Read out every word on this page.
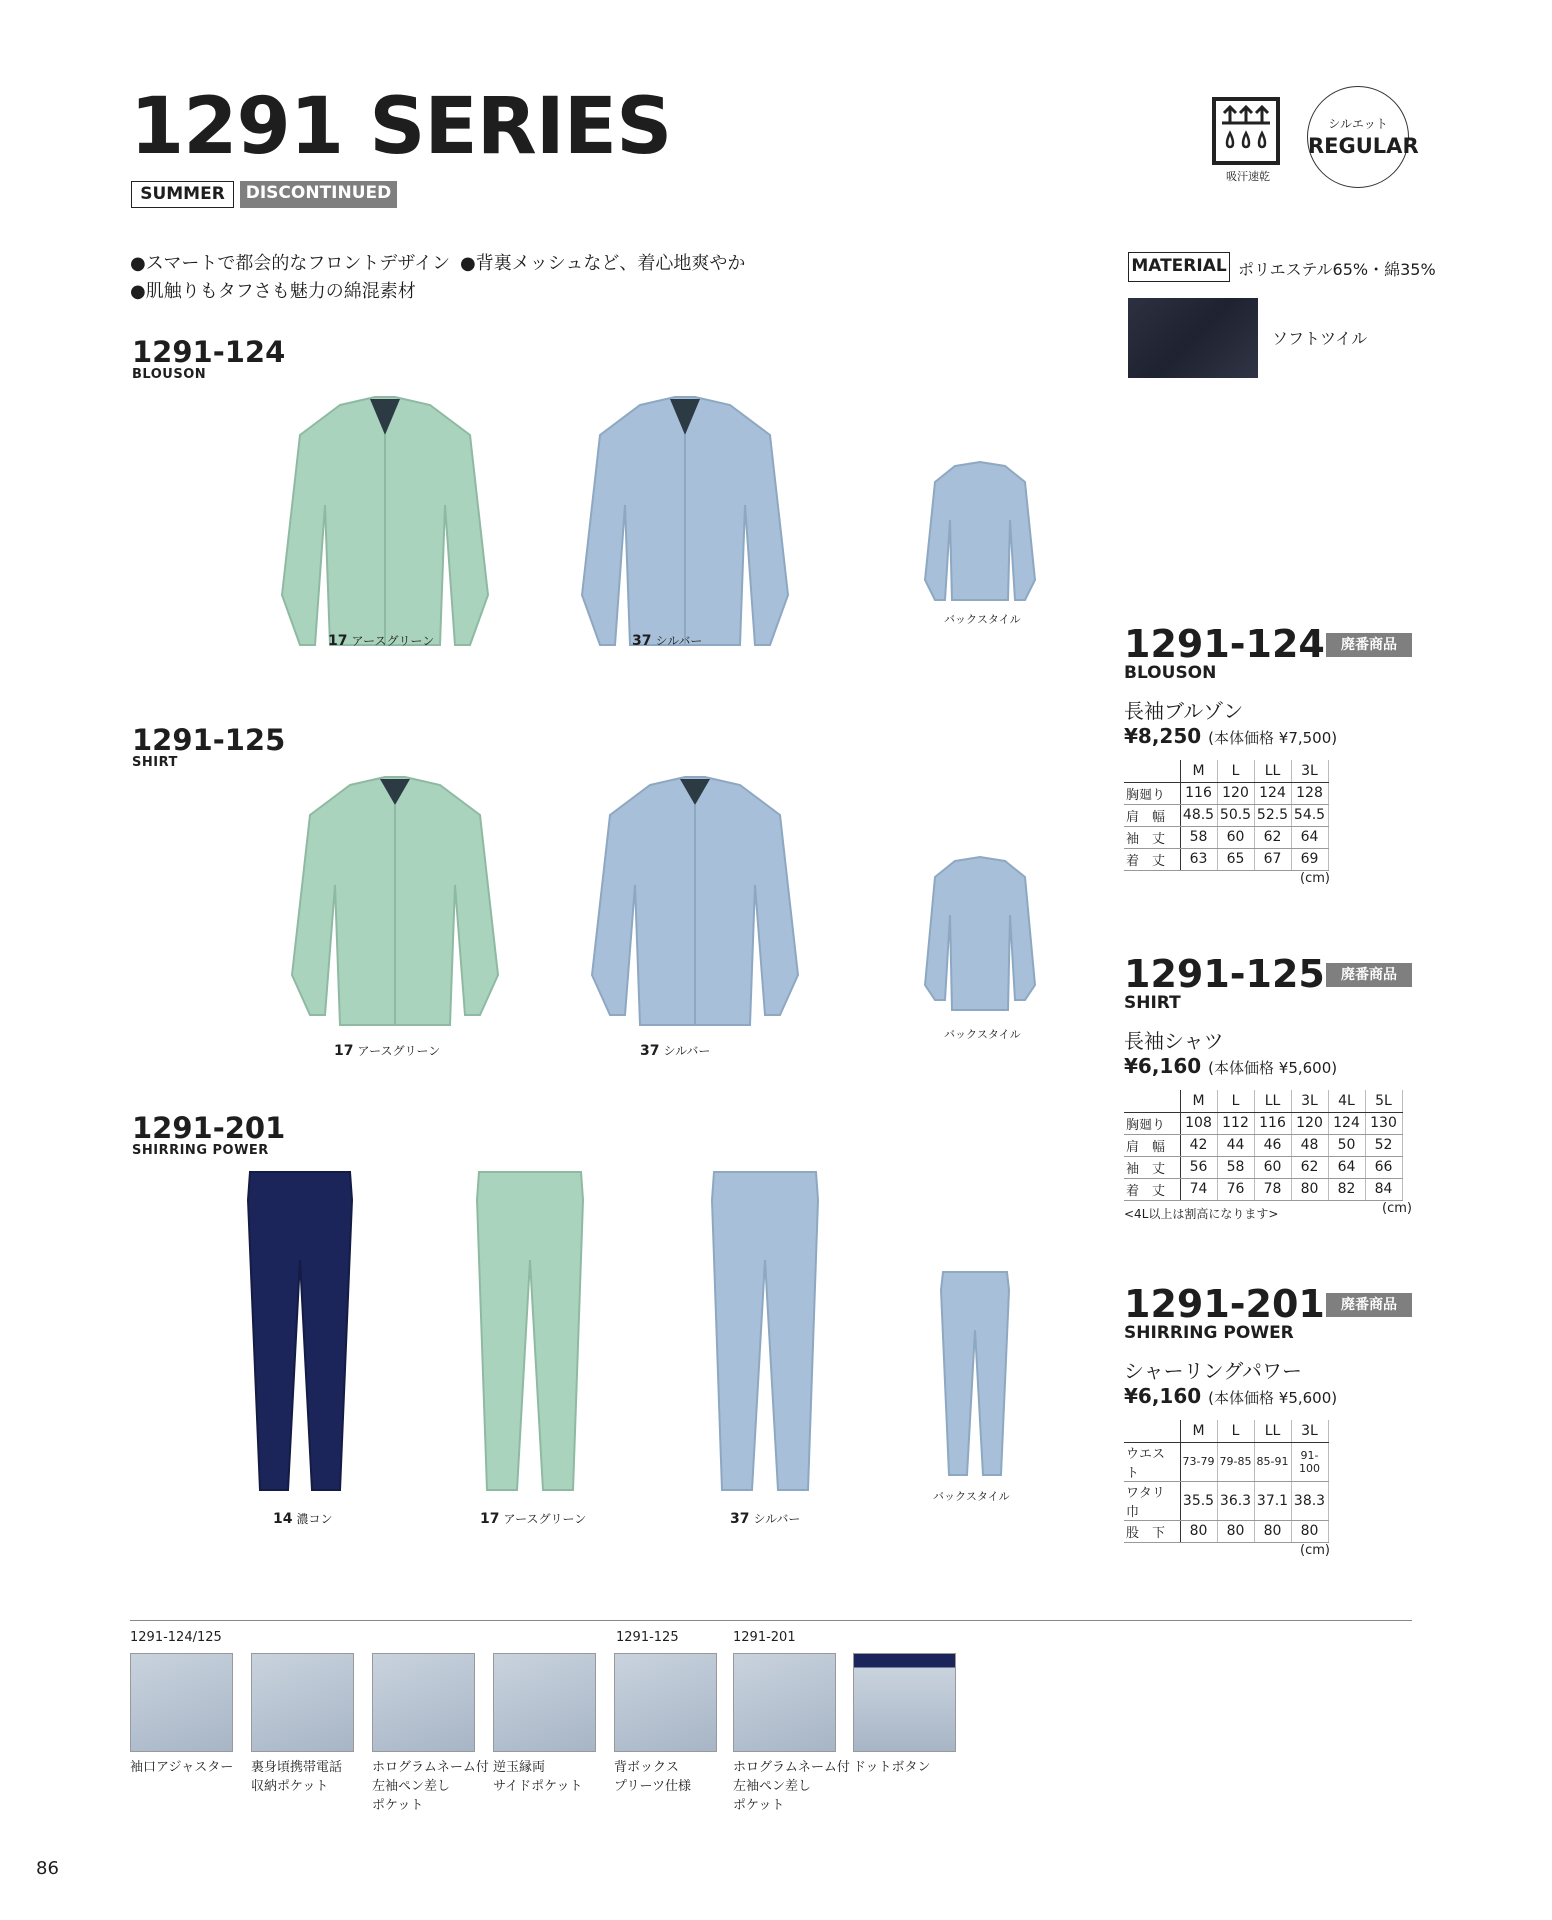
1291 SERIES
SUMMER	DISCONTINUED
吸汗速乾
シルエット
REGULAR
●スマートで都会的なフロントデザイン ●背裏メッシュなど、着心地爽やか
●肌触りもタフさも魅力の綿混素材
MATERIAL ポリエステル65%・綿35%
ソフトツイル
1291-124
BLOUSON
1291-125
SHIRT
1291-201
SHIRRING POWER
17 アースグリーン	37 シルバー
バックスタイル
17 アースグリーン	37 シルバー
バックスタイル
14 濃コン	17 アースグリーン	37 シルバー
バックスタイル
1291-124	廃番商品
BLOUSON
長袖ブルゾン
¥8,250 (本体価格 ¥7,500)
	M	L	LL	3L
胸廻り	116	120	124	128
肩　幅	48.5	50.5	52.5	54.5
袖　丈	58	60	62	64
着　丈	63	65	67	69
(cm)
1291-125	廃番商品
SHIRT
長袖シャツ
¥6,160 (本体価格 ¥5,600)
	M	L	LL	3L	4L	5L
胸廻り	108	112	116	120	124	130
肩　幅	42	44	46	48	50	52
袖　丈	56	58	60	62	64	66
着　丈	74	76	78	80	82	84
<4L以上は割高になります>	(cm)
1291-201	廃番商品
SHIRRING POWER
シャーリングパワー
¥6,160 (本体価格 ¥5,600)
	M	L	LL	3L
ウエスト	73-79	79-85	85-91	91-100
ワタリ巾	35.5	36.3	37.1	38.3
股　下	80	80	80	80
(cm)
1291-124/125	1291-125	1291-201
袖口アジャスター	裏身頃携帯電話
収納ポケット
ホログラムネーム付
左袖ペン差し
ポケット
逆玉縁両
サイドポケット
背ボックス
プリーツ仕様
ホログラムネーム付
左袖ペン差し
ポケット
ドットボタン
86
